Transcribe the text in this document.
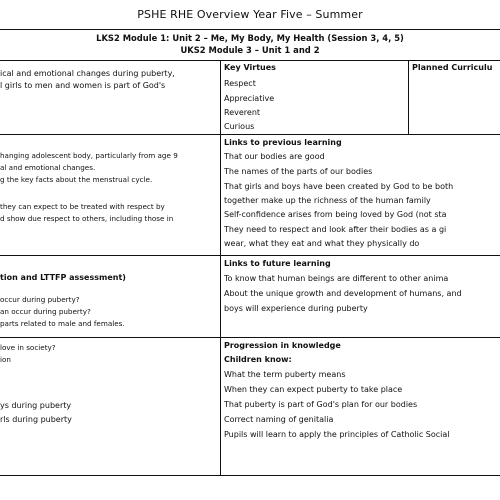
PSHE RHE Overview Year Five – Summer
LKS2 Module 1: Unit 2 – Me, My Body, My Health (Session 3, 4, 5)
UKS2 Module 3 – Unit 1 and 2
ical and emotional changes during puberty,
l girls to men and women is part of God's
Key Virtues
Respect
Appreciative
Reverent
Curious
Planned Curriculu
hanging adolescent body, particularly from age 9
al and emotional changes.
g the key facts about the menstrual cycle.
they can expect to be treated with respect by
d show due respect to others, including those in
Links to previous learning
That our bodies are good
The names of the parts of our bodies
That girls and boys have been created by God to be both
together make up the richness of the human family
Self-confidence arises from being loved by God (not sta
They need to respect and look after their bodies as a gi
wear, what they eat and what they physically do
tion and LTTFP assessment)
occur during puberty?
an occur during puberty?
parts related to male and females.
love in society?
ion
Links to future learning
To know that human beings are different to other anima
About the unique growth and development of humans, and
boys will experience during puberty
ys during puberty
rls during puberty
Progression in knowledge
Children know:
What the term puberty means
When they can expect puberty to take place
That puberty is part of God's plan for our bodies
Correct naming of genitalia
Pupils will learn to apply the principles of Catholic Social
